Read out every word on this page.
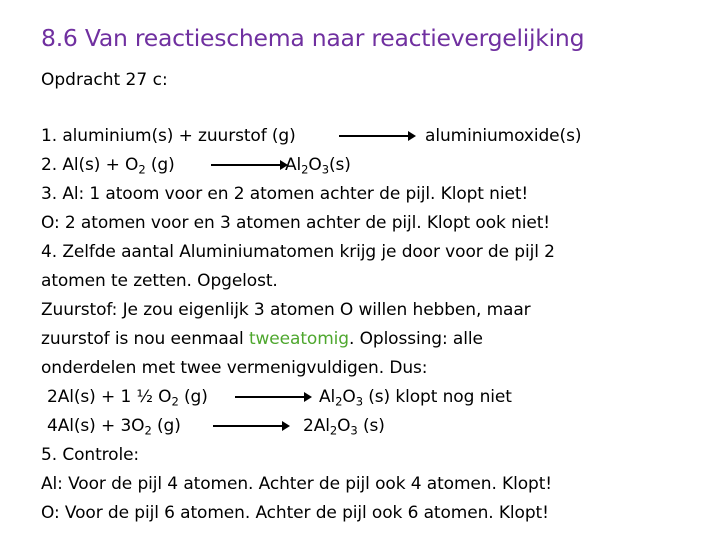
8.6 Van reactieschema naar reactievergelijking
Opdracht 27 c:
1. aluminium(s) + zuurstof (g)	aluminiumoxide(s)
2. $Al(s) + O_2$ (g)	$Al_2O_3(s)$
3. Al: 1 atoom voor en 2 atomen achter de pijl. Klopt niet!
O: 2 atomen voor en 3 atomen achter de pijl. Klopt ook niet!
4. Zelfde aantal Aluminiumatomen krijg je door voor de pijl 2
atomen te zetten. Opgelost.
Zuurstof: Je zou eigenlijk 3 atomen O willen hebben, maar
zuurstof is nou eenmaal tweeatomig. Oplossing: alle
onderdelen met twee vermenigvuldigen. Dus:
2Al(s) + 1 ½ $O_2$ (g)	$Al_2O_3$ (s) klopt nog niet
$4Al(s) + 3O_2$ (g)	$2Al_2O_3$ (s)
5. Controle:
Al: Voor de pijl 4 atomen. Achter de pijl ook 4 atomen. Klopt!
O: Voor de pijl 6 atomen. Achter de pijl ook 6 atomen. Klopt!
